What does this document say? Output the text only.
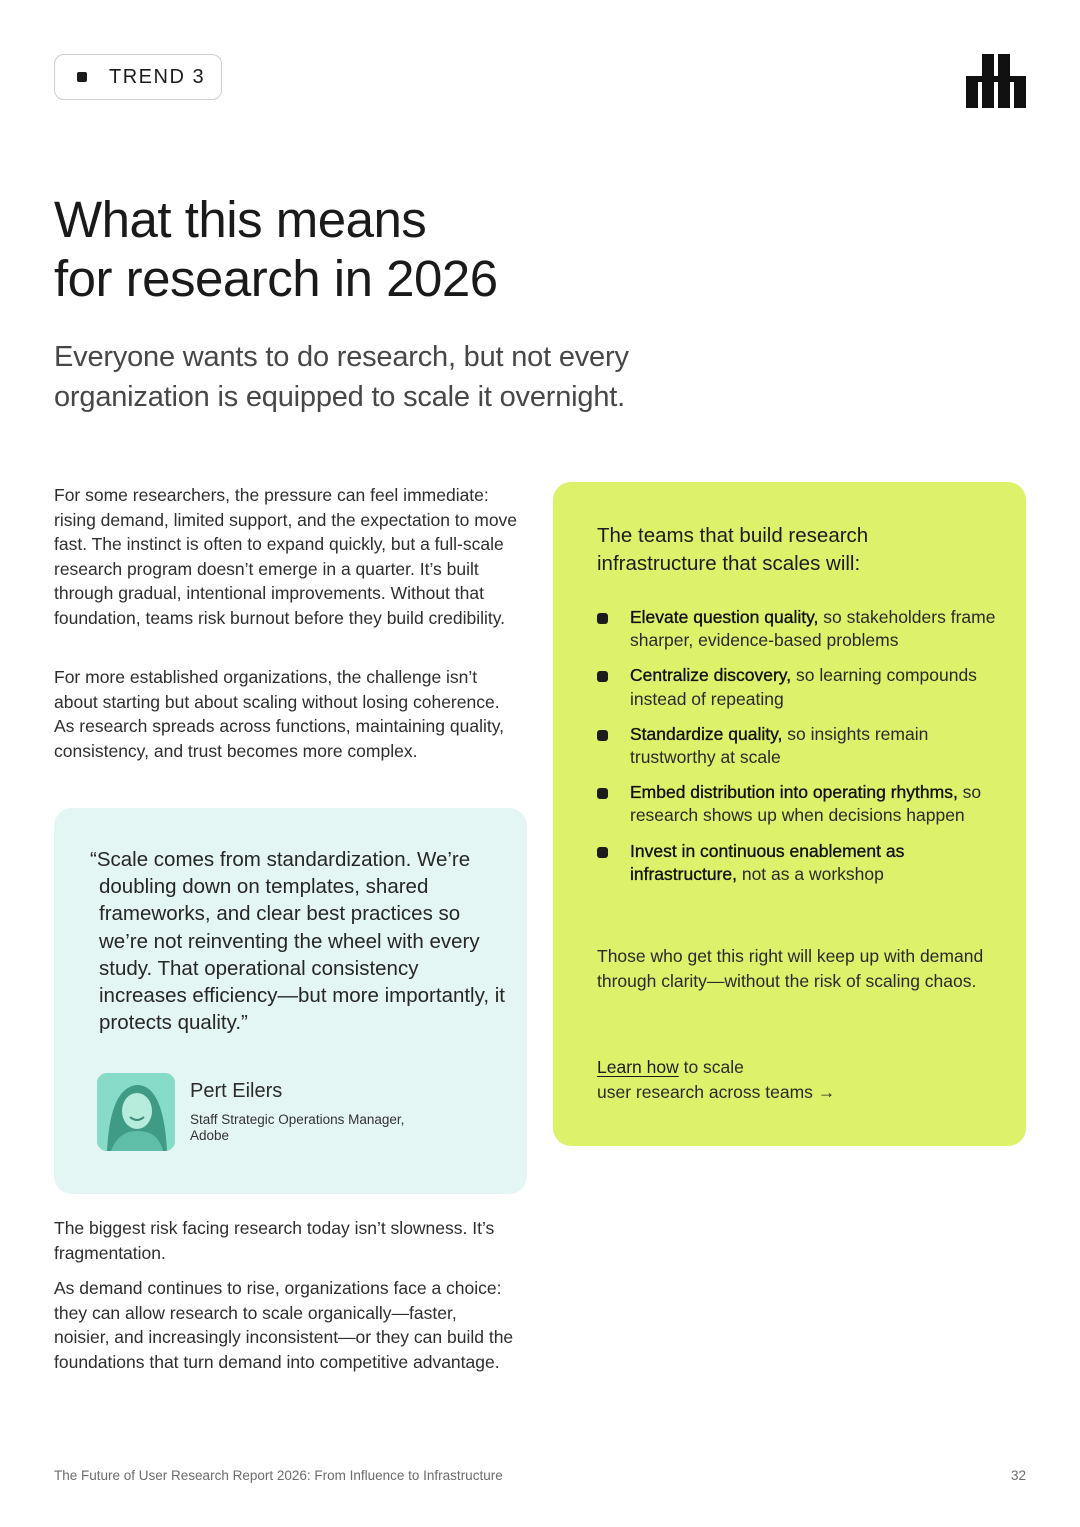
TREND 3
What this means
for research in 2026

Everyone wants to do research, but not every organization is equipped to scale it overnight.

For some researchers, the pressure can feel immediate: rising demand, limited support, and the expectation to move fast. The instinct is often to expand quickly, but a full-scale research program doesn’t emerge in a quarter. It’s built through gradual, intentional improvements. Without that foundation, teams risk burnout before they build credibility.

For more established organizations, the challenge isn’t about starting but about scaling without losing coherence. As research spreads across functions, maintaining quality, consistency, and trust becomes more complex.

“Scale comes from standardization. We’re doubling down on templates, shared frameworks, and clear best practices so we’re not reinventing the wheel with every study. That operational consistency increases efficiency—but more importantly, it protects quality.”

Pert Eilers
Staff Strategic Operations Manager, Adobe

The biggest risk facing research today isn’t slowness. It’s fragmentation.

As demand continues to rise, organizations face a choice: they can allow research to scale organically—faster, noisier, and increasingly inconsistent—or they can build the foundations that turn demand into competitive advantage.

The teams that build research infrastructure that scales will:

Elevate question quality, so stakeholders frame sharper, evidence-based problems
Centralize discovery, so learning compounds instead of repeating
Standardize quality, so insights remain trustworthy at scale
Embed distribution into operating rhythms, so research shows up when decisions happen
Invest in continuous enablement as infrastructure, not as a workshop

Those who get this right will keep up with demand through clarity—without the risk of scaling chaos.

Learn how to scale
user research across teams →
The Future of User Research Report 2026: From Influence to Infrastructure	32
